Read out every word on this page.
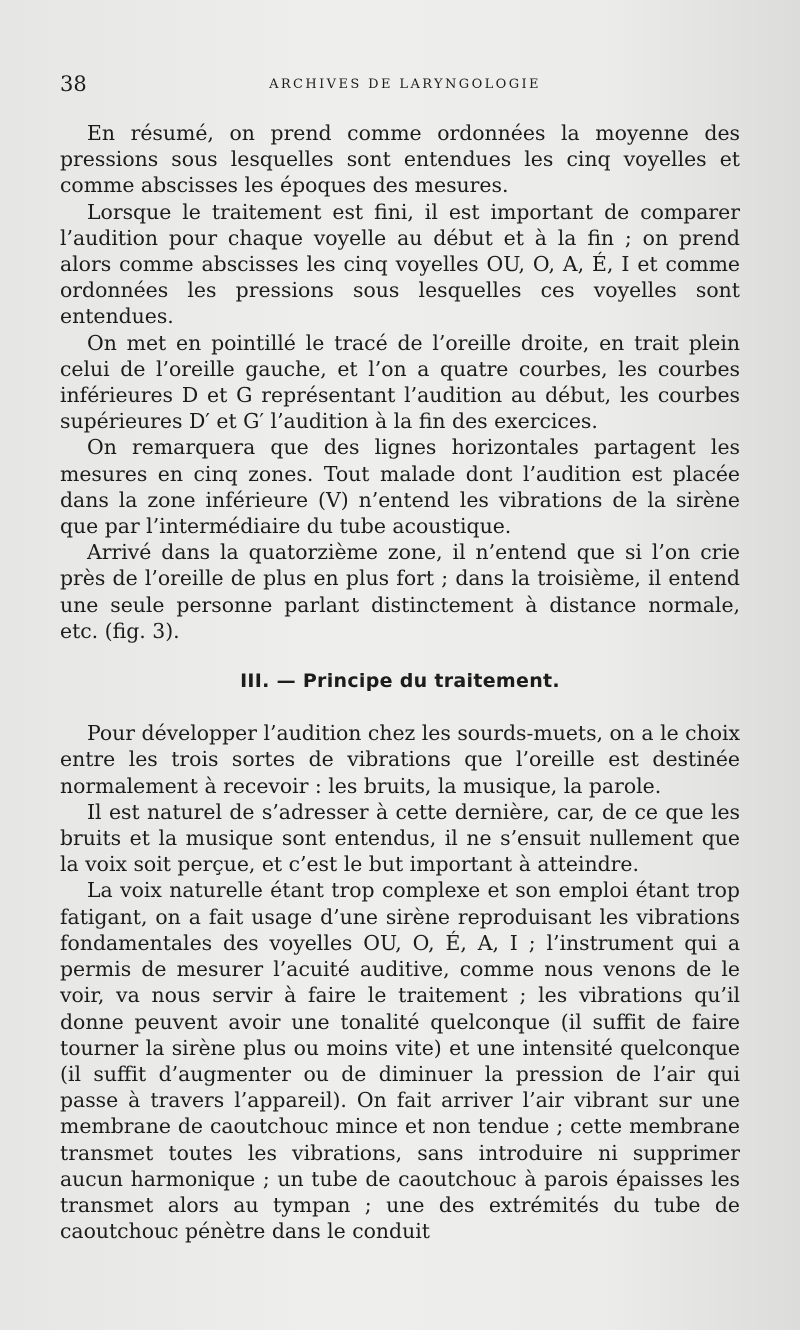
38	ARCHIVES DE LARYNGOLOGIE

En résumé, on prend comme ordonnées la moyenne des pressions sous lesquelles sont entendues les cinq voyelles et comme abscisses les époques des mesures.

Lorsque le traitement est fini, il est important de comparer l’audition pour chaque voyelle au début et à la fin ; on prend alors comme abscisses les cinq voyelles OU, O, A, É, I et comme ordonnées les pressions sous lesquelles ces voyelles sont entendues.

On met en pointillé le tracé de l’oreille droite, en trait plein celui de l’oreille gauche, et l’on a quatre courbes, les courbes inférieures D et G représentant l’audition au début, les courbes supérieures D′ et G′ l’audition à la fin des exercices.

On remarquera que des lignes horizontales partagent les mesures en cinq zones. Tout malade dont l’audition est placée dans la zone inférieure (V) n’entend les vibrations de la sirène que par l’intermédiaire du tube acoustique.

Arrivé dans la quatorzième zone, il n’entend que si l’on crie près de l’oreille de plus en plus fort ; dans la troisième, il entend une seule personne parlant distinctement à distance normale, etc. (fig. 3).

III. — Principe du traitement.

Pour développer l’audition chez les sourds-muets, on a le choix entre les trois sortes de vibrations que l’oreille est destinée normalement à recevoir : les bruits, la musique, la parole.

Il est naturel de s’adresser à cette dernière, car, de ce que les bruits et la musique sont entendus, il ne s’ensuit nullement que la voix soit perçue, et c’est le but important à atteindre.

La voix naturelle étant trop complexe et son emploi étant trop fatigant, on a fait usage d’une sirène reproduisant les vibrations fondamentales des voyelles OU, O, É, A, I ; l’instrument qui a permis de mesurer l’acuité auditive, comme nous venons de le voir, va nous servir à faire le traitement ; les vibrations qu’il donne peuvent avoir une tonalité quelconque (il suffit de faire tourner la sirène plus ou moins vite) et une intensité quelconque (il suffit d’augmenter ou de diminuer la pression de l’air qui passe à travers l’appareil). On fait arriver l’air vibrant sur une membrane de caoutchouc mince et non tendue ; cette membrane transmet toutes les vibrations, sans introduire ni supprimer aucun harmonique ; un tube de caoutchouc à parois épaisses les transmet alors au tympan ; une des extrémités du tube de caoutchouc pénètre dans le conduit
